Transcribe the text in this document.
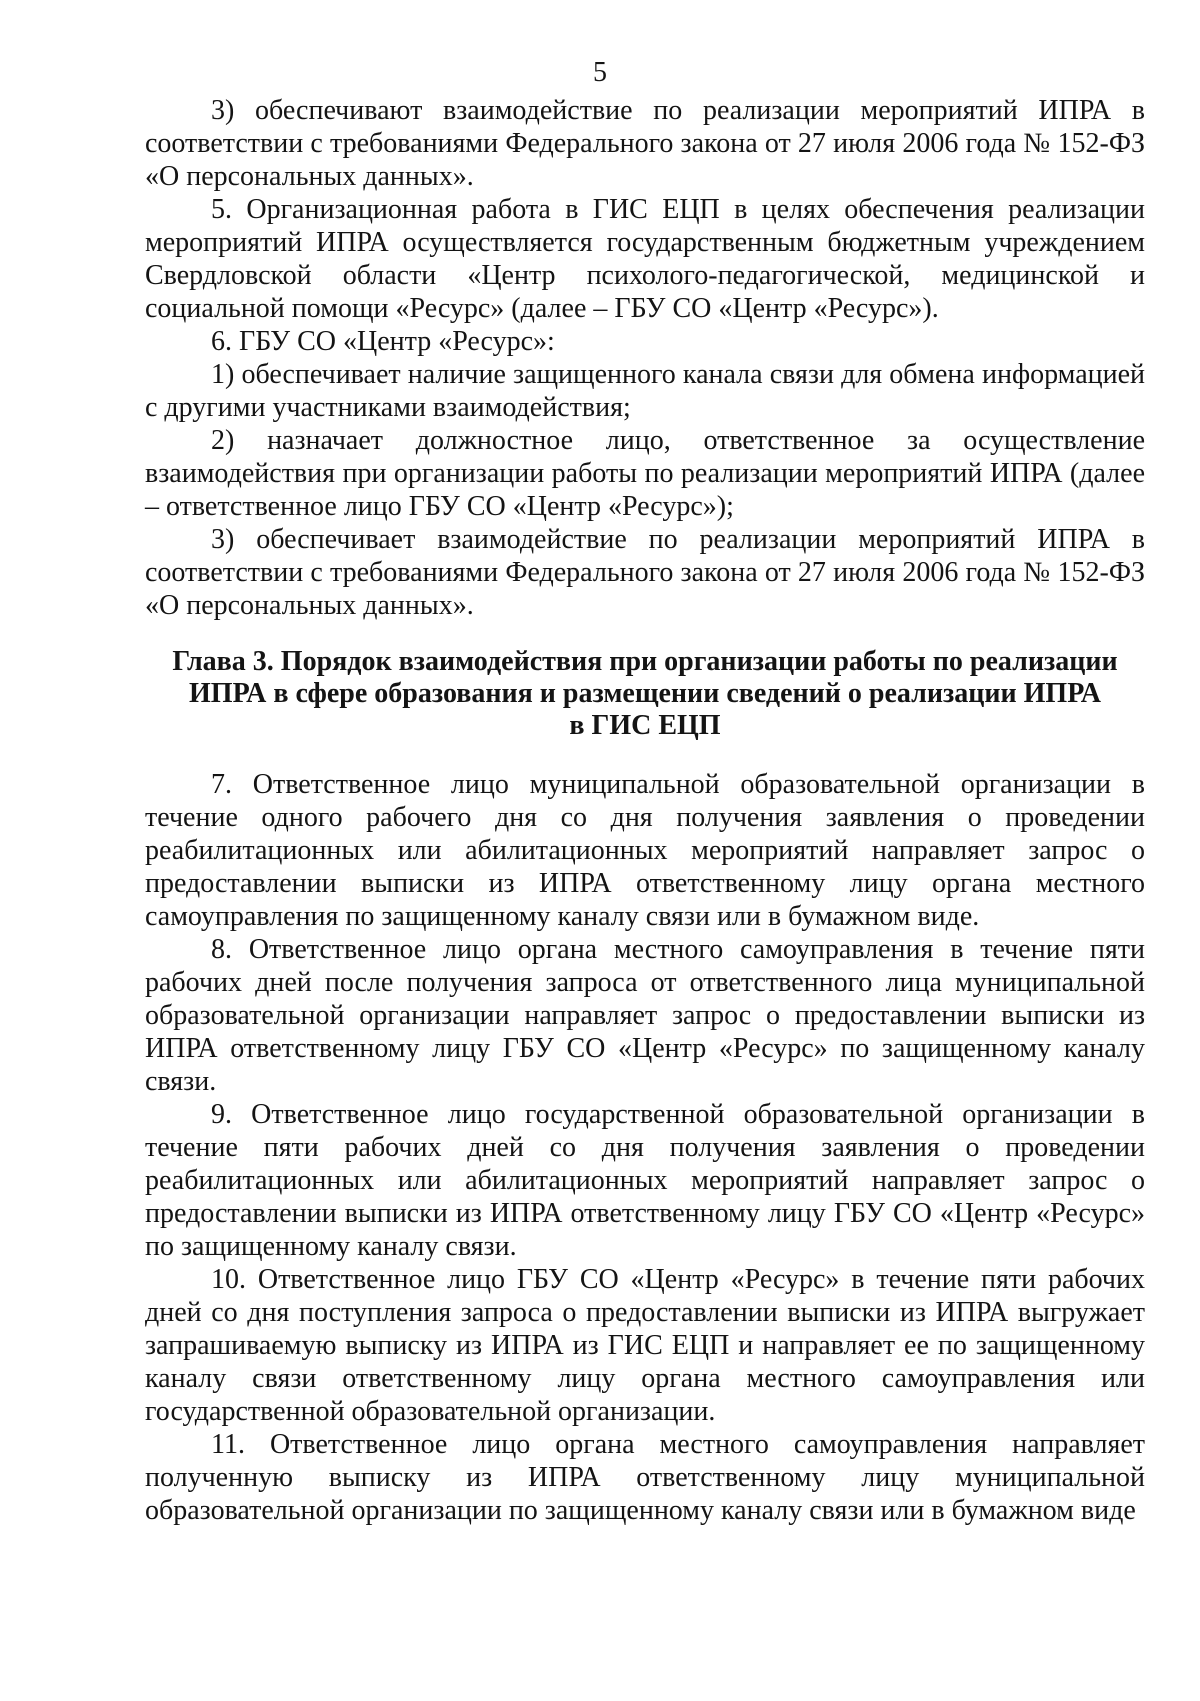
5

3) обеспечивают взаимодействие по реализации мероприятий ИПРА в соответствии с требованиями Федерального закона от 27 июля 2006 года № 152-ФЗ «О персональных данных».

5. Организационная работа в ГИС ЕЦП в целях обеспечения реализации мероприятий ИПРА осуществляется государственным бюджетным учреждением Свердловской области «Центр психолого-педагогической, медицинской и социальной помощи «Ресурс» (далее – ГБУ СО «Центр «Ресурс»).

6. ГБУ СО «Центр «Ресурс»:

1) обеспечивает наличие защищенного канала связи для обмена информацией с другими участниками взаимодействия;

2) назначает должностное лицо, ответственное за осуществление взаимодействия при организации работы по реализации мероприятий ИПРА (далее – ответственное лицо ГБУ СО «Центр «Ресурс»);

3) обеспечивает взаимодействие по реализации мероприятий ИПРА в соответствии с требованиями Федерального закона от 27 июля 2006 года № 152-ФЗ «О персональных данных».

Глава 3. Порядок взаимодействия при организации работы по реализации
ИПРА в сфере образования и размещении сведений о реализации ИПРА
в ГИС ЕЦП

7. Ответственное лицо муниципальной образовательной организации в течение одного рабочего дня со дня получения заявления о проведении реабилитационных или абилитационных мероприятий направляет запрос о предоставлении выписки из ИПРА ответственному лицу органа местного самоуправления по защищенному каналу связи или в бумажном виде.

8. Ответственное лицо органа местного самоуправления в течение пяти рабочих дней после получения запроса от ответственного лица муниципальной образовательной организации направляет запрос о предоставлении выписки из ИПРА ответственному лицу ГБУ СО «Центр «Ресурс» по защищенному каналу связи.

9. Ответственное лицо государственной образовательной организации в течение пяти рабочих дней со дня получения заявления о проведении реабилитационных или абилитационных мероприятий направляет запрос о предоставлении выписки из ИПРА ответственному лицу ГБУ СО «Центр «Ресурс» по защищенному каналу связи.

10. Ответственное лицо ГБУ СО «Центр «Ресурс» в течение пяти рабочих дней со дня поступления запроса о предоставлении выписки из ИПРА выгружает запрашиваемую выписку из ИПРА из ГИС ЕЦП и направляет ее по защищенному каналу связи ответственному лицу органа местного самоуправления или государственной образовательной организации.

11. Ответственное лицо органа местного самоуправления направляет полученную выписку из ИПРА ответственному лицу муниципальной образовательной организации по защищенному каналу связи или в бумажном виде
